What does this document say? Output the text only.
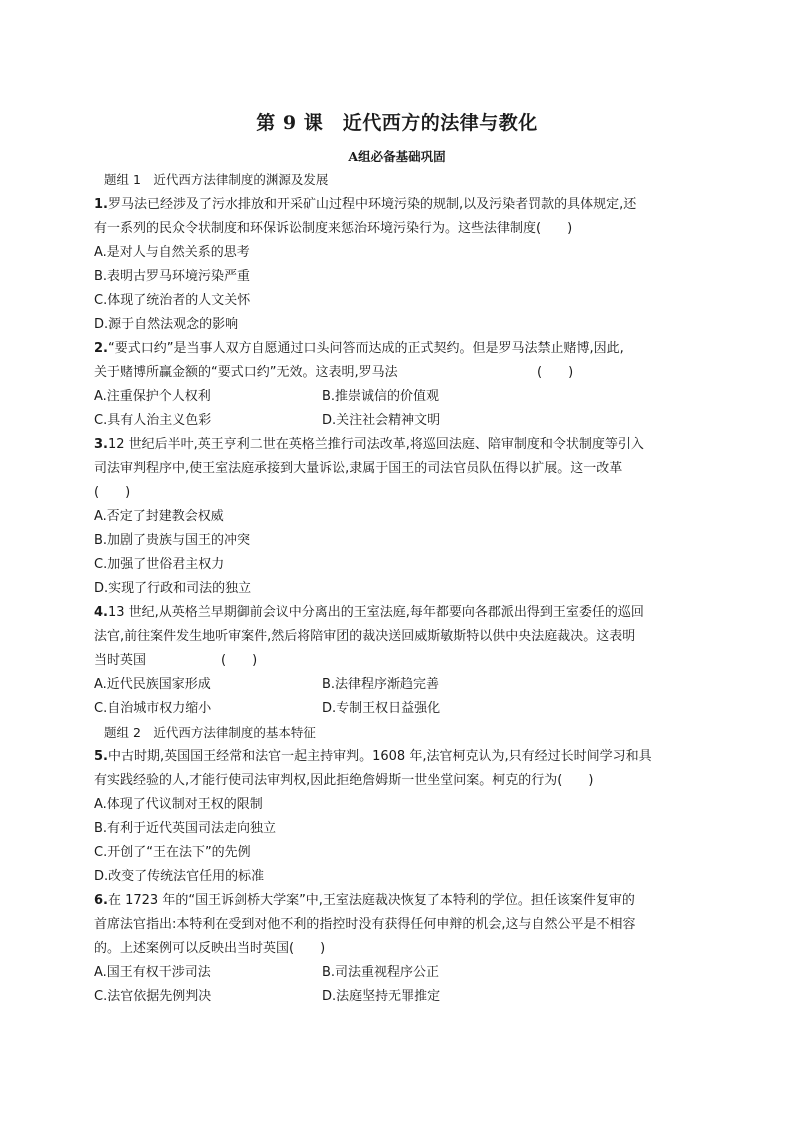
第 9 课　近代西方的法律与教化
A组必备基础巩固
题组 1　近代西方法律制度的渊源及发展
1.罗马法已经涉及了污水排放和开采矿山过程中环境污染的规制,以及污染者罚款的具体规定,还
有一系列的民众令状制度和环保诉讼制度来惩治环境污染行为。这些法律制度(　　)
A.是对人与自然关系的思考
B.表明古罗马环境污染严重
C.体现了统治者的人文关怀
D.源于自然法观念的影响
2.“要式口约”是当事人双方自愿通过口头问答而达成的正式契约。但是罗马法禁止赌博,因此,
关于赌博所赢金额的“要式口约”无效。这表明,罗马法	(　　)
A.注重保护个人权利	B.推崇诚信的价值观
C.具有人治主义色彩	D.关注社会精神文明
3.12 世纪后半叶,英王亨利二世在英格兰推行司法改革,将巡回法庭、陪审制度和令状制度等引入
司法审判程序中,使王室法庭承接到大量诉讼,隶属于国王的司法官员队伍得以扩展。这一改革
(　　)
A.否定了封建教会权威
B.加剧了贵族与国王的冲突
C.加强了世俗君主权力
D.实现了行政和司法的独立
4.13 世纪,从英格兰早期御前会议中分离出的王室法庭,每年都要向各郡派出得到王室委任的巡回
法官,前往案件发生地听审案件,然后将陪审团的裁决送回威斯敏斯特以供中央法庭裁决。这表明
当时英国	(　　)
A.近代民族国家形成	B.法律程序渐趋完善
C.自治城市权力缩小	D.专制王权日益强化
题组 2　近代西方法律制度的基本特征
5.中古时期,英国国王经常和法官一起主持审判。1608 年,法官柯克认为,只有经过长时间学习和具
有实践经验的人,才能行使司法审判权,因此拒绝詹姆斯一世坐堂问案。柯克的行为(　　)
A.体现了代议制对王权的限制
B.有利于近代英国司法走向独立
C.开创了“王在法下”的先例
D.改变了传统法官任用的标准
6.在 1723 年的“国王诉剑桥大学案”中,王室法庭裁决恢复了本特利的学位。担任该案件复审的
首席法官指出:本特利在受到对他不利的指控时没有获得任何申辩的机会,这与自然公平是不相容
的。上述案例可以反映出当时英国(　　)
A.国王有权干涉司法	B.司法重视程序公正
C.法官依据先例判决	D.法庭坚持无罪推定
